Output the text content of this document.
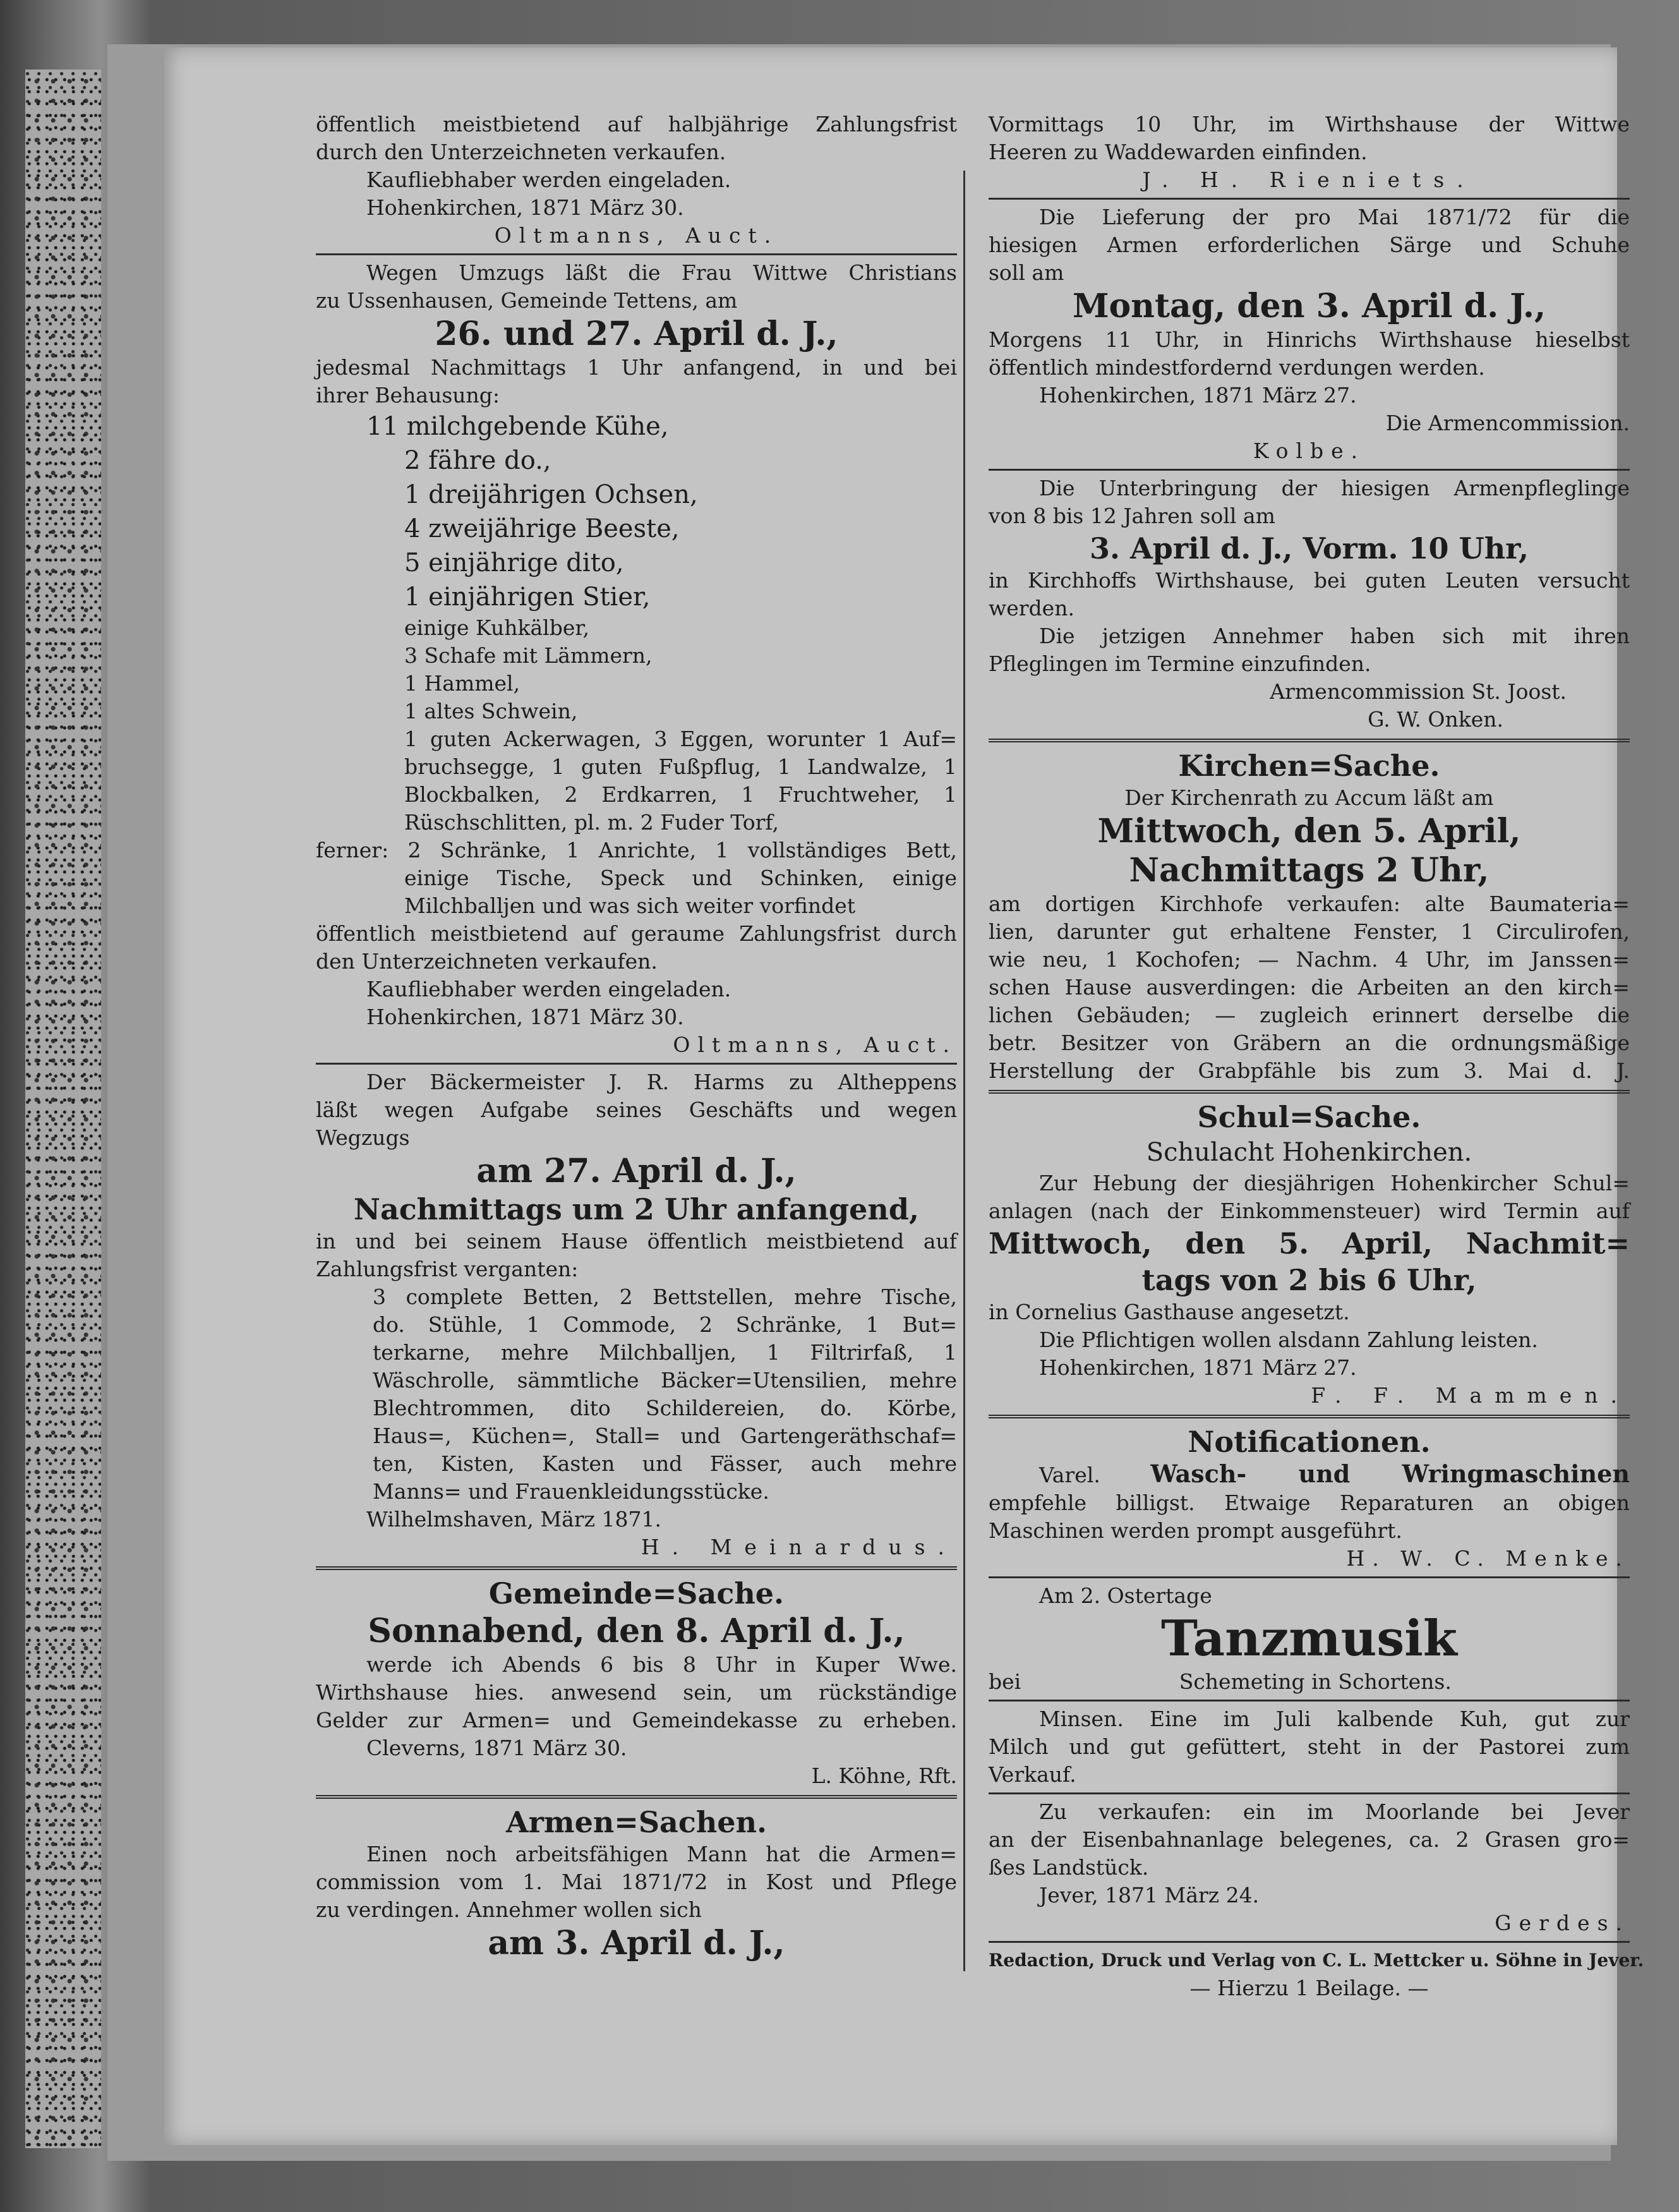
öffentlich meistbietend auf halbjährige Zahlungsfrist
durch den Unterzeichneten verkaufen.
Kaufliebhaber werden eingeladen.
Hohenkirchen, 1871 März 30.
Oltmanns, Auct.
Wegen Umzugs läßt die Frau Wittwe Christians
zu Ussenhausen, Gemeinde Tettens, am
26. und 27. April d. J.,
jedesmal Nachmittags 1 Uhr anfangend, in und bei
ihrer Behausung:
11 milchgebende Kühe,
2 fähre do.,
1 dreijährigen Ochsen,
4 zweijährige Beeste,
5 einjährige dito,
1 einjährigen Stier,
einige Kuhkälber,
3 Schafe mit Lämmern,
1 Hammel,
1 altes Schwein,
1 guten Ackerwagen, 3 Eggen, worunter 1 Auf=
bruchsegge, 1 guten Fußpflug, 1 Landwalze, 1
Blockbalken, 2 Erdkarren, 1 Fruchtweher, 1
Rüschschlitten, pl. m. 2 Fuder Torf,
ferner: 2 Schränke, 1 Anrichte, 1 vollständiges Bett,
einige Tische, Speck und Schinken, einige
Milchballjen und was sich weiter vorfindet
öffentlich meistbietend auf geraume Zahlungsfrist durch
den Unterzeichneten verkaufen.
Kaufliebhaber werden eingeladen.
Hohenkirchen, 1871 März 30.
Oltmanns, Auct.
Der Bäckermeister J. R. Harms zu Altheppens
läßt wegen Aufgabe seines Geschäfts und wegen
Wegzugs
am 27. April d. J.,
Nachmittags um 2 Uhr anfangend,
in und bei seinem Hause öffentlich meistbietend auf
Zahlungsfrist verganten:
3 complete Betten, 2 Bettstellen, mehre Tische,
do. Stühle, 1 Commode, 2 Schränke, 1 But=
terkarne, mehre Milchballjen, 1 Filtrirfaß, 1
Wäschrolle, sämmtliche Bäcker=Utensilien, mehre
Blechtrommen, dito Schildereien, do. Körbe,
Haus=, Küchen=, Stall= und Gartengeräthschaf=
ten, Kisten, Kasten und Fässer, auch mehre
Manns= und Frauenkleidungsstücke.
Wilhelmshaven, März 1871.
H. Meinardus.
Gemeinde=Sache.
Sonnabend, den 8. April d. J.,
werde ich Abends 6 bis 8 Uhr in Kuper Wwe.
Wirthshause hies. anwesend sein, um rückständige
Gelder zur Armen= und Gemeindekasse zu erheben.
Cleverns, 1871 März 30.
L. Köhne, Rft.
Armen=Sachen.
Einen noch arbeitsfähigen Mann hat die Armen=
commission vom 1. Mai 1871/72 in Kost und Pflege
zu verdingen. Annehmer wollen sich
am 3. April d. J.,
Vormittags 10 Uhr, im Wirthshause der Wittwe
Heeren zu Waddewarden einfinden.
J. H. Rieniets.
Die Lieferung der pro Mai 1871/72 für die
hiesigen Armen erforderlichen Särge und Schuhe
soll am
Montag, den 3. April d. J.,
Morgens 11 Uhr, in Hinrichs Wirthshause hieselbst
öffentlich mindestfordernd verdungen werden.
Hohenkirchen, 1871 März 27.
Die Armencommission.
Kolbe.
Die Unterbringung der hiesigen Armenpfleglinge
von 8 bis 12 Jahren soll am
3. April d. J., Vorm. 10 Uhr,
in Kirchhoffs Wirthshause, bei guten Leuten versucht
werden.
Die jetzigen Annehmer haben sich mit ihren
Pfleglingen im Termine einzufinden.
Armencommission St. Joost.
G. W. Onken.
Kirchen=Sache.
Der Kirchenrath zu Accum läßt am
Mittwoch, den 5. April,
Nachmittags 2 Uhr,
am dortigen Kirchhofe verkaufen: alte Baumateria=
lien, darunter gut erhaltene Fenster, 1 Circulirofen,
wie neu, 1 Kochofen; — Nachm. 4 Uhr, im Janssen=
schen Hause ausverdingen: die Arbeiten an den kirch=
lichen Gebäuden; — zugleich erinnert derselbe die
betr. Besitzer von Gräbern an die ordnungsmäßige
Herstellung der Grabpfähle bis zum 3. Mai d. J.
Schul=Sache.
Schulacht Hohenkirchen.
Zur Hebung der diesjährigen Hohenkircher Schul=
anlagen (nach der Einkommensteuer) wird Termin auf
Mittwoch, den 5. April, Nachmit=
tags von 2 bis 6 Uhr,
in Cornelius Gasthause angesetzt.
Die Pflichtigen wollen alsdann Zahlung leisten.
Hohenkirchen, 1871 März 27.
F. F. Mammen.
Notificationen.
Varel. Wasch- und Wringmaschinen
empfehle billigst. Etwaige Reparaturen an obigen
Maschinen werden prompt ausgeführt.
H. W. C. Menke.
Am 2. Ostertage
Tanzmusik
bei	Schemeting in Schortens.
Minsen. Eine im Juli kalbende Kuh, gut zur
Milch und gut gefüttert, steht in der Pastorei zum
Verkauf.
Zu verkaufen: ein im Moorlande bei Jever
an der Eisenbahnanlage belegenes, ca. 2 Grasen gro=
ßes Landstück.
Jever, 1871 März 24.
Gerdes.
Redaction, Druck und Verlag von C. L. Mettcker u. Söhne in Jever.
— Hierzu 1 Beilage. —
